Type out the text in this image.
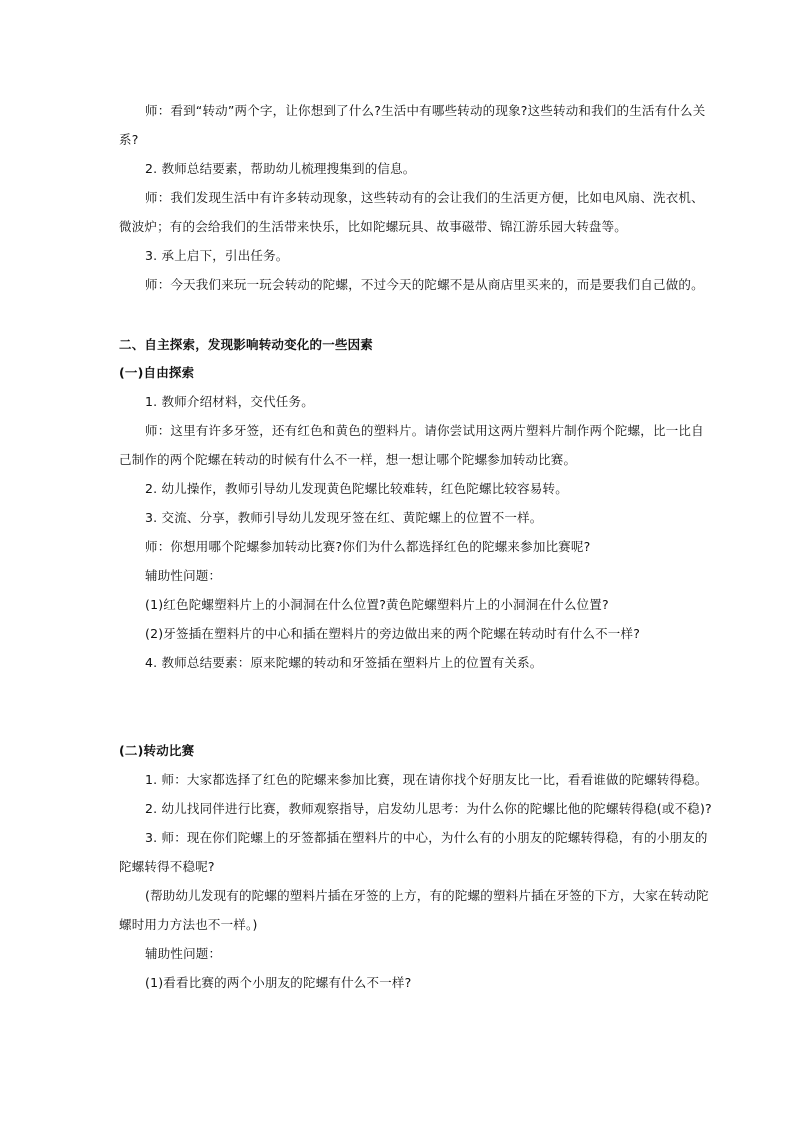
师：看到“转动”两个字，让你想到了什么?生活中有哪些转动的现象?这些转动和我们的生活有什么关
系?
2. 教师总结要素，帮助幼儿梳理搜集到的信息。
师：我们发现生活中有许多转动现象，这些转动有的会让我们的生活更方便，比如电风扇、洗衣机、
微波炉；有的会给我们的生活带来快乐，比如陀螺玩具、故事磁带、锦江游乐园大转盘等。
3. 承上启下，引出任务。
师：今天我们来玩一玩会转动的陀螺，不过今天的陀螺不是从商店里买来的，而是要我们自己做的。
二、自主探索，发现影响转动变化的一些因素
(一)自由探索
1. 教师介绍材料，交代任务。
师：这里有许多牙签，还有红色和黄色的塑料片。请你尝试用这两片塑料片制作两个陀螺，比一比自
己制作的两个陀螺在转动的时候有什么不一样，想一想让哪个陀螺参加转动比赛。
2. 幼儿操作，教师引导幼儿发现黄色陀螺比较难转，红色陀螺比较容易转。
3. 交流、分享，教师引导幼儿发现牙签在红、黄陀螺上的位置不一样。
师：你想用哪个陀螺参加转动比赛?你们为什么都选择红色的陀螺来参加比赛呢?
辅助性问题：
(1)红色陀螺塑料片上的小洞洞在什么位置?黄色陀螺塑料片上的小洞洞在什么位置?
(2)牙签插在塑料片的中心和插在塑料片的旁边做出来的两个陀螺在转动时有什么不一样?
4. 教师总结要素：原来陀螺的转动和牙签插在塑料片上的位置有关系。
(二)转动比赛
1. 师：大家都选择了红色的陀螺来参加比赛，现在请你找个好朋友比一比，看看谁做的陀螺转得稳。
2. 幼儿找同伴进行比赛，教师观察指导，启发幼儿思考：为什么你的陀螺比他的陀螺转得稳(或不稳)?
3. 师：现在你们陀螺上的牙签都插在塑料片的中心，为什么有的小朋友的陀螺转得稳，有的小朋友的
陀螺转得不稳呢?
(帮助幼儿发现有的陀螺的塑料片插在牙签的上方，有的陀螺的塑料片插在牙签的下方，大家在转动陀
螺时用力方法也不一样。)
辅助性问题：
(1)看看比赛的两个小朋友的陀螺有什么不一样?
